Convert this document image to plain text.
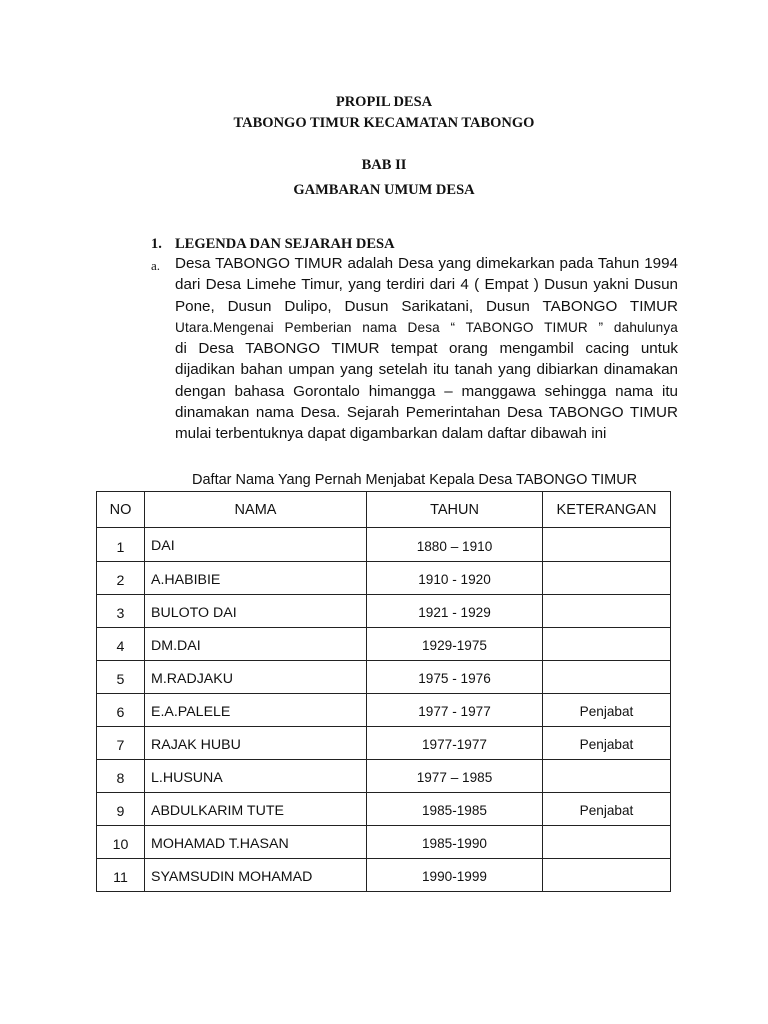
PROPIL DESA
TABONGO TIMUR KECAMATAN TABONGO
BAB II
GAMBARAN UMUM DESA
1. LEGENDA DAN SEJARAH DESA
a. Desa TABONGO TIMUR adalah Desa yang dimekarkan pada Tahun 1994
dari Desa Limehe Timur, yang terdiri dari 4 ( Empat ) Dusun yakni Dusun
Pone, Dusun Dulipo, Dusun Sarikatani, Dusun TABONGO TIMUR
Utara.Mengenai Pemberian nama Desa “ TABONGO TIMUR ” dahulunya
di Desa TABONGO TIMUR tempat orang mengambil cacing untuk
dijadikan bahan umpan yang setelah itu tanah yang dibiarkan dinamakan
dengan bahasa Gorontalo himangga – manggawa sehingga nama itu
dinamakan nama Desa. Sejarah Pemerintahan Desa TABONGO TIMUR
mulai terbentuknya dapat digambarkan dalam daftar dibawah ini
Daftar Nama Yang Pernah Menjabat Kepala Desa TABONGO TIMUR
NO	NAMA	TAHUN	KETERANGAN
1	DAI	1880 – 1910	
2	A.HABIBIE	1910 - 1920	
3	BULOTO DAI	1921 - 1929	
4	DM.DAI	1929-1975	
5	M.RADJAKU	1975 - 1976	
6	E.A.PALELE	1977 - 1977	Penjabat
7	RAJAK HUBU	1977-1977	Penjabat
8	L.HUSUNA	1977 – 1985	
9	ABDULKARIM TUTE	1985-1985	Penjabat
10	MOHAMAD T.HASAN	1985-1990	
11	SYAMSUDIN MOHAMAD	1990-1999	
